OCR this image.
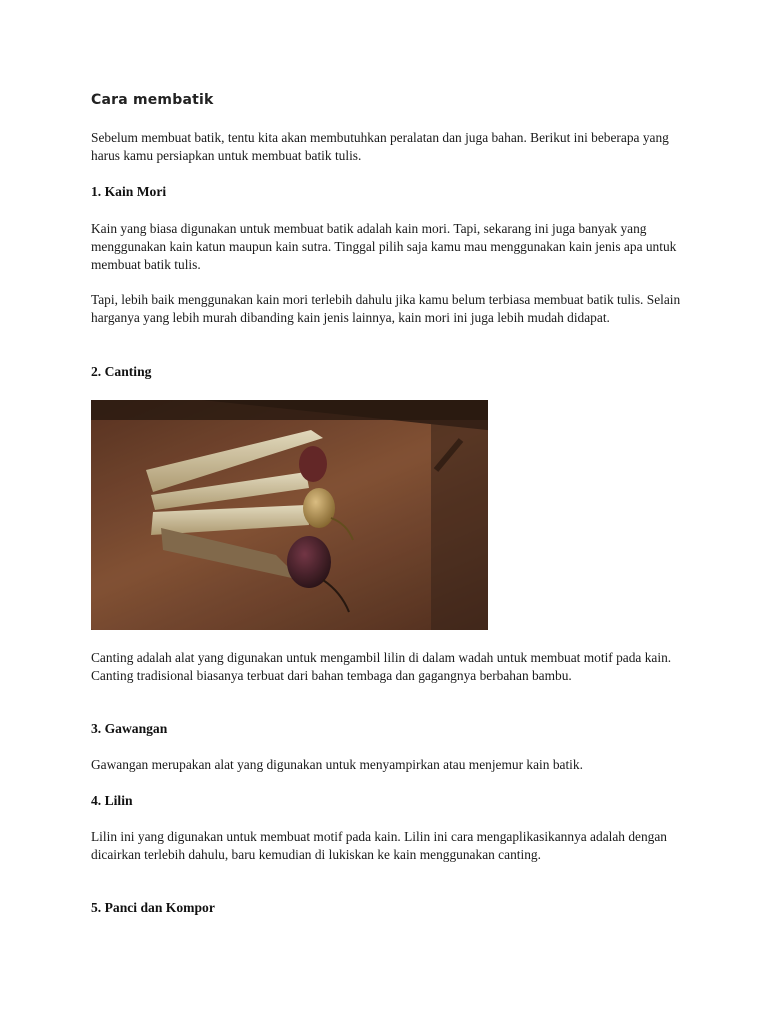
Cara membatik

Sebelum membuat batik, tentu kita akan membutuhkan peralatan dan juga bahan. Berikut ini beberapa yang harus kamu persiapkan untuk membuat batik tulis.

1. Kain Mori

Kain yang biasa digunakan untuk membuat batik adalah kain mori. Tapi, sekarang ini juga banyak yang menggunakan kain katun maupun kain sutra. Tinggal pilih saja kamu mau menggunakan kain jenis apa untuk membuat batik tulis.

Tapi, lebih baik menggunakan kain mori terlebih dahulu jika kamu belum terbiasa membuat batik tulis. Selain harganya yang lebih murah dibanding kain jenis lainnya, kain mori ini juga lebih mudah didapat.

2. Canting

Canting adalah alat yang digunakan untuk mengambil lilin di dalam wadah untuk membuat motif pada kain. Canting tradisional biasanya terbuat dari bahan tembaga dan gagangnya berbahan bambu.

3. Gawangan

Gawangan merupakan alat yang digunakan untuk menyampirkan atau menjemur kain batik.

4. Lilin

Lilin ini yang digunakan untuk membuat motif pada kain. Lilin ini cara mengaplikasikannya adalah dengan dicairkan terlebih dahulu, baru kemudian di lukiskan ke kain menggunakan canting.

5. Panci dan Kompor
